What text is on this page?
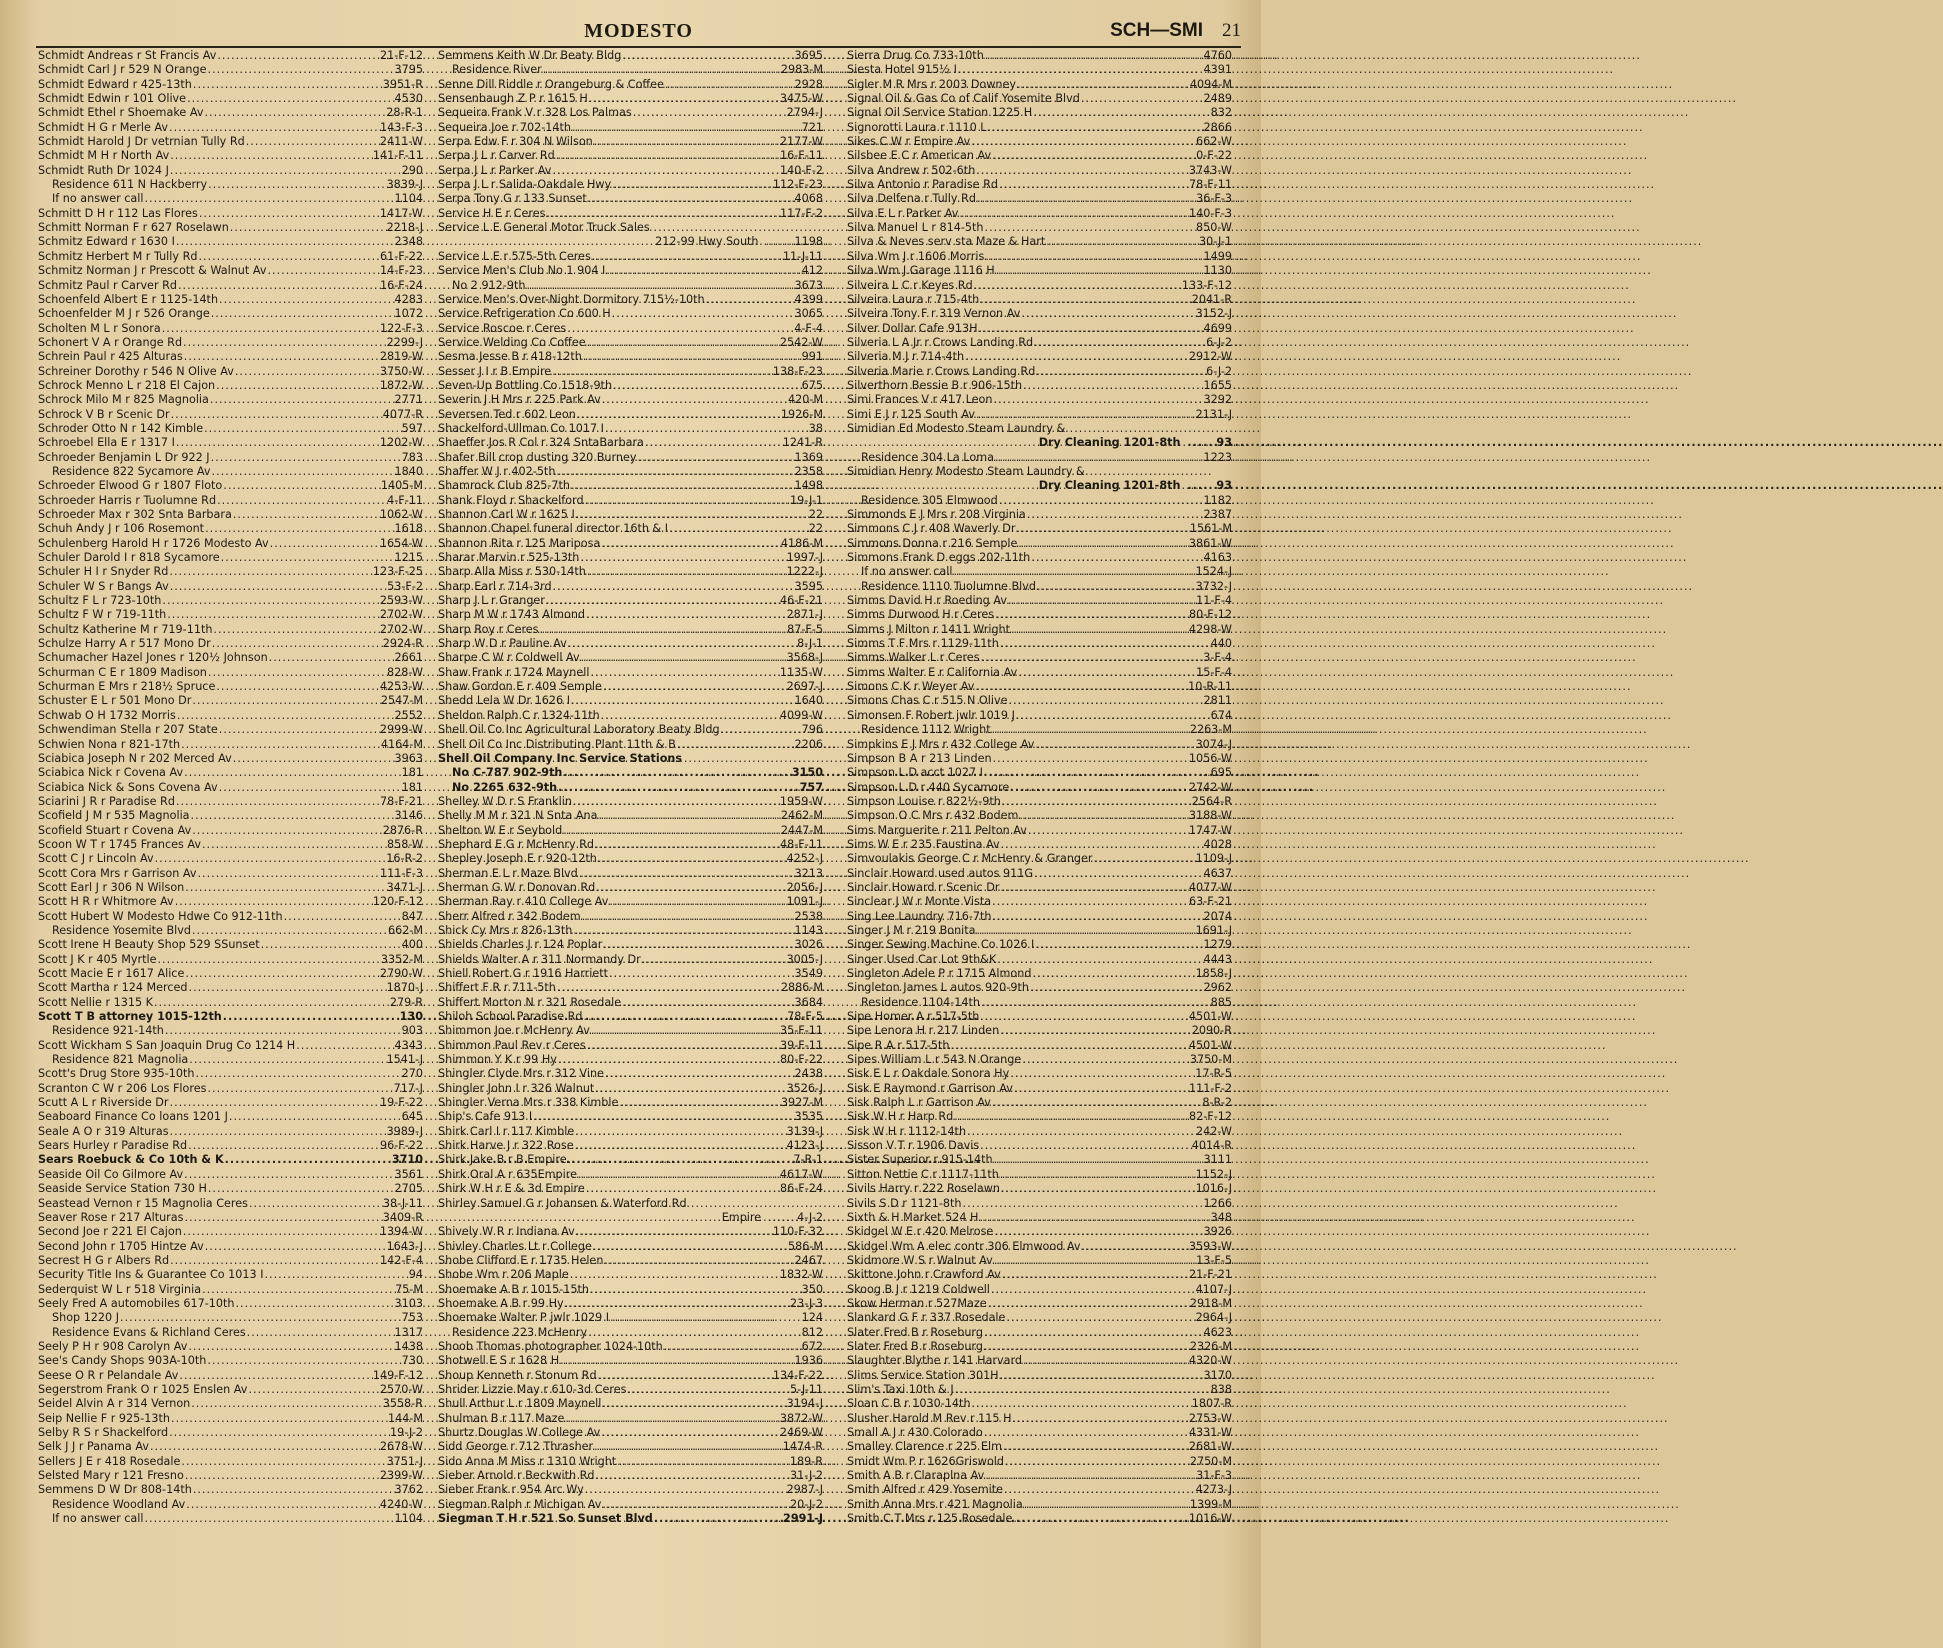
MODESTO	SCH—SMI 21
Schmidt Andreas r St Francis Av .....	21-F-12
Schmidt Carl J r 529 N Orange .....	3795
Schmidt Edward r 425-13th .....	3951-R
Schmidt Edwin r 101 Olive .....	4530
Schmidt Ethel r Shoemake Av .....	28-R-1
Schmidt H G r Merle Av .....	143-F-3
Schmidt Harold J Dr vetrnian Tully Rd .....	2411-W
Schmidt M H r North Av .....	141-F-11
Schmidt Ruth Dr 1024 J .....	290
Residence 611 N Hackberry .....	3839-J
If no answer call .....	1104
Schmitt D H r 112 Las Flores .....	1417-W
Schmitt Norman F r 627 Roselawn .....	2218-J
Schmitz Edward r 1630 I .....	2348
Schmitz Herbert M r Tully Rd .....	61-F-22
Schmitz Norman J r Prescott & Walnut Av .....	14-F-23
Schmitz Paul r Carver Rd .....	16-F-24
Schoenfeld Albert E r 1125-14th .....	4283
Schoenfelder M J r 526 Orange .....	1072
Scholten M L r Sonora .....	122-F-3
Schonert V A r Orange Rd .....	2299-J
Schrein Paul r 425 Alturas .....	2819-W
Schreiner Dorothy r 546 N Olive Av .....	3750-W
Schrock Menno L r 218 El Cajon .....	1872-W
Schrock Milo M r 825 Magnolia .....	2771
Schrock V B r Scenic Dr .....	4077-R
Schroder Otto N r 142 Kimble .....	597
Schroebel Ella E r 1317 I .....	1202-W
Schroeder Benjamin L Dr 922 J .....	783
Residence 822 Sycamore Av .....	1840
Schroeder Elwood G r 1807 Floto .....	1405-M
Schroeder Harris r Tuolumne Rd .....	4-F-11
Schroeder Max r 302 Snta Barbara .....	1062-W
Schuh Andy J r 106 Rosemont .....	1618
Schulenberg Harold H r 1726 Modesto Av .....	1654-W
Schuler Darold I r 818 Sycamore .....	1215
Schuler H I r Snyder Rd .....	123-F-25
Schuler W S r Bangs Av .....	53-F-2
Schultz F L r 723-10th .....	2593-W
Schultz F W r 719-11th .....	2702-W
Schultz Katherine M r 719-11th .....	2702-W
Schulze Harry A r 517 Mono Dr .....	2924-R
Schumacher Hazel Jones r 120½ Johnson .....	2661
Schurman C E r 1809 Madison .....	828-W
Schurman E Mrs r 218½ Spruce .....	4253-W
Schuster E L r 501 Mono Dr .....	2547-M
Schwab O H 1732 Morris .....	2552
Schwendiman Stella r 207 State .....	2999-W
Schwien Nona r 821-17th .....	4164-M
Sciabica Joseph N r 202 Merced Av .....	3963
Sciabica Nick r Covena Av .....	181
Sciabica Nick & Sons Covena Av .....	181
Sciarini J R r Paradise Rd .....	78-F-21
Scofield J M r 535 Magnolia .....	3146
Scofield Stuart r Covena Av .....	2876-R
Scoon W T r 1745 Frances Av .....	858-W
Scott C J r Lincoln Av .....	16-R-2
Scott Cora Mrs r Garrison Av .....	111-F-3
Scott Earl J r 306 N Wilson .....	3471-J
Scott H R r Whitmore Av .....	120-F-12
Scott Hubert W Modesto Hdwe Co 912-11th .....	847
Residence Yosemite Blvd .....	662-M
Scott Irene H Beauty Shop 529 SSunset .....	400
Scott J K r 405 Myrtle .....	3352-M
Scott Macie E r 1617 Alice .....	2790-W
Scott Martha r 124 Merced .....	1870-J
Scott Nellie r 1315 K .....	279-R
Scott T B attorney 1015-12th .....	130
Residence 921-14th .....	903
Scott Wickham S San Joaquin Drug Co 1214 H .....	4343
Residence 821 Magnolia .....	1541-J
Scott's Drug Store 935-10th .....	270
Scranton C W r 206 Los Flores .....	717-J
Scutt A L r Riverside Dr .....	19-F-22
Seaboard Finance Co loans 1201 J .....	645
Seale A O r 319 Alturas .....	3989-J
Sears Hurley r Paradise Rd .....	96-F-22
Sears Roebuck & Co 10th & K .....	3710
Seaside Oil Co Gilmore Av .....	3561
Seaside Service Station 730 H .....	2705
Seastead Vernon r 15 Magnolia Ceres .....	38-J-11
Seaver Rose r 217 Alturas .....	3409-R
Second Joe r 221 El Cajon .....	1394-W
Second John r 1705 Hintze Av .....	1643-J
Secrest H G r Albers Rd .....	142-F-4
Security Title Ins & Guarantee Co 1013 I .....	94
Sederquist W L r 518 Virginia .....	75-M
Seely Fred A automobiles 617-10th .....	3103
Shop 1220 J .....	753
Residence Evans & Richland Ceres .....	1317
Seely P H r 908 Carolyn Av .....	1438
See's Candy Shops 903A-10th .....	730
Seese O R r Pelandale Av .....	149-F-12
Segerstrom Frank O r 1025 Enslen Av .....	2570-W
Seidel Alvin A r 314 Vernon .....	3558-R
Seip Nellie F r 925-13th .....	144-M
Selby R S r Shackelford .....	19-J-2
Selk J J r Panama Av .....	2678-W
Sellers J E r 418 Rosedale .....	3751-J
Selsted Mary r 121 Fresno .....	2399-W
Semmens D W Dr 808-14th .....	3762
Residence Woodland Av .....	4240-W
If no answer call .....	1104
Semmens Keith W Dr Beaty Bldg .....	3695
Residence River .....	2983-M
Senne Dill Riddle r Orangeburg & Coffee .....	2928
Sensenbaugh Z P r 1615 H .....	3475-W
Sequeira Frank V r 328 Los Palmas .....	2794-J
Sequeira Joe r 702-14th .....	721
Serpa Edw F r 304 N Wilson .....	2177-W
Serpa J L r Carver Rd .....	16-F-11
Serpa J L r Parker Av .....	140-F-2
Serpa J L r Salida-Oakdale Hwy .....	112-F-23
Serpa Tony G r 133 Sunset .....	4068
Service H E r Ceres .....	117-F-2
Service L E General Motor Truck Sales
212-99 Hwy South .....	1198
Service L E r 575-5th Ceres .....	11-J-11
Service Men's Club No 1 904 I .....	412
No 2 912-9th .....	3673
Service Men's Over-Night Dormitory 715½-10th .....	4399
Service Refrigeration Co 600 H .....	3065
Service Roscoe r Ceres .....	4-F-4
Service Welding Co Coffee .....	2542-W
Sesma Jesse B r 418-12th .....	991
Sesser J I r B Empire .....	138-F-23
Seven-Up Bottling Co 1518-9th .....	675
Severin J H Mrs r 225 Park Av .....	420-M
Seversen Ted r 602 Leon .....	1926-M
Shackelford-Ullman Co 1017 I .....	38
Shaeffer Jos R Col r 324 SntaBarbara .....	1241-R
Shafer Bill crop dusting 320 Burney .....	1369
Shaffer W J r 402-5th .....	2358
Shamrock Club 825-7th .....	1498
Shank Floyd r Shackelford .....	19-J-1
Shannon Carl W r 1625 I .....	22
Shannon Chapel funeral director 16th & I .....	22
Shannon Rita r 125 Mariposa .....	4186-M
Sharar Marvin r 525-13th .....	1997-J
Sharp Alla Miss r 530-14th .....	1222-J
Sharp Earl r 714-3rd .....	3595
Sharp J L r Granger .....	46-F-21
Sharp M W r 1743 Almond .....	2871-J
Sharp Roy r Ceres .....	87-F-5
Sharp W D r Pauline Av .....	8-J-1
Sharpe C W r Coldwell Av .....	3568-J
Shaw Frank r 1724 Maynell .....	1135-W
Shaw Gordon E r 409 Semple .....	2697-J
Shedd Lela W Dr 1626 I .....	1640
Sheldon Ralph C r 1324-11th .....	4099-W
Shell Oil Co Inc Agricultural Laboratory Beaty Bldg .....	796
Shell Oil Co Inc Distributing Plant 11th & B .....	2206
Shell Oil Company Inc Service Stations
No C-787 902-9th .....	3150
No 2265 632-9th .....	757
Shelley W D r S Franklin .....	1959-W
Shelly M M r 321 N Snta Ana .....	2462-M
Shelton W E r Seybold .....	2447-M
Shephard E G r McHenry Rd .....	48-F-11
Shepley Joseph E r 920-12th .....	4252-J
Sherman E L r Maze Blvd .....	3213
Sherman G W r Donovan Rd .....	2056-J
Sherman Ray r 410 College Av .....	1091-J
Sherr Alfred r 342 Bodem .....	2538
Shick Cy Mrs r 826-13th .....	1143
Shields Charles J r 124 Poplar .....	3026
Shields Walter A r 311 Normandy Dr .....	3005-J
Shiell Robert G r 1916 Harriett .....	3549
Shiffert F R r 711-5th .....	2886-M
Shiffert Morton N r 321 Rosedale .....	3684
Shiloh School Paradise Rd .....	78-F-5
Shimmon Joe r McHenry Av .....	35-F-11
Shimmon Paul Rev r Ceres .....	39-F-11
Shimmon Y K r 99 Hy .....	80-F-22
Shingler Clyde Mrs r 312 Vine .....	2438
Shingler John I r 326 Walnut .....	3526-J
Shingler Verna Mrs r 338 Kimble .....	3927-M
Ship's Cafe 913 I .....	3535
Shirk Carl I r 117 Kimble .....	3139-J
Shirk Harve J r 322 Rose .....	4123-J
Shirk Jake B r B Empire .....	7-R-1
Shirk Oral A r 635Empire .....	4617-W
Shirk W H r E & 3d Empire .....	86-F-24
Shirley Samuel G r Johansen & Waterford Rd
Empire .....	4-J-2
Shively W R r Indiana Av .....	110-F-32
Shivley Charles Lt r College .....	586-M
Shobe Clifford E r 1735 Helen .....	2467
Shobe Wm r 206 Maple .....	1832-W
Shoemake A B r 1015-15th .....	350
Shoemake A B r 99 Hy .....	23-J-3
Shoemake Walter P jwlr 1029 I .....	124
Residence 223 McHenry .....	812
Shoob Thomas photographer 1024-10th .....	672
Shotwell E S r 1628 H .....	1936
Shoup Kenneth r Stonum Rd .....	134-F-22
Shrider Lizzie May r 610-3d Ceres .....	5-J-11
Shull Arthur L r 1809 Maynell .....	3194-J
Shulman B r 117 Maze .....	3872-W
Shurtz Douglas W College Av .....	2469-W
Sidd George r 712 Thrasher .....	1474-R
Sido Anna M Miss r 1310 Wright .....	189-R
Sieber Arnold r Beckwith Rd .....	31-J-2
Sieber Frank r 954 Arc Wy .....	2987-J
Siegman Ralph r Michigan Av .....	20-J-2
Siegman T H r 521 So Sunset Blvd .....	2991-J
Sierra Drug Co 733-10th .....	4760
Siesta Hotel 915½ I .....	4391
Sigler M R Mrs r 2003 Downey .....	4094-M
Signal Oil & Gas Co of Calif Yosemite Blvd .....	2489
Signal Oil Service Station 1225 H .....	832
Signorotti Laura r 1110 L .....	2866
Sikes C W r Empire Av .....	662-W
Silsbee E C r American Av .....	0-F-22
Silva Andrew r 502-6th .....	3743-W
Silva Antonio r Paradise Rd .....	78-F-11
Silva Delfena r Tully Rd .....	36-F-3
Silva E L r Parker Av .....	140-F-3
Silva Manuel L r 814-5th .....	850-W
Silva & Neves serv sta Maze & Hart .....	30-J-1
Silva Wm J r 1606 Morris .....	1499
Silva Wm J Garage 1116 H .....	1130
Silveira L C r Keyes Rd .....	133-F-12
Silveira Laura r 715-4th .....	2041-R
Silveira Tony F r 319 Vernon Av .....	3152-J
Silver Dollar Cafe 913H .....	4699
Silveria L A Jr r Crows Landing Rd .....	6-J-2
Silveria M J r 714-4th .....	2912-W
Silveria Marie r Crows Landing Rd .....	6-J-2
Silverthorn Bessie B r 906-15th .....	1655
Simi Frances V r 417 Leon .....	3292
Simi E J r 125 South Av .....	2131-J
Simidian Ed Modesto Steam Laundry &
Dry Cleaning 1201-8th .....	93
Residence 304 La Loma .....	1223
Simidian Henry Modesto Steam Laundry &
Dry Cleaning 1201-8th .....	93
Residence 305 Elmwood .....	1182
Simmonds E J Mrs r 208 Virginia .....	2387
Simmons C J r 408 Waverly Dr .....	1561-M
Simmons Donna r 216 Semple .....	3861-W
Simmons Frank D eggs 202-11th .....	4163
If no answer call .....	1524-J
Residence 1110 Tuolumne Blvd .....	3732-J
Simms David H r Roeding Av .....	11-F-4
Simms Durwood H r Ceres .....	80-F-12
Simms J Milton r 1411 Wright .....	4298-W
Simms T F Mrs r 1129-11th .....	440
Simms Walker L r Ceres .....	3-F-4
Simms Walter E r California Av .....	15-F-4
Simons C K r Weyer Av .....	10-R-11
Simons Chas C r 515 N Olive .....	2811
Simonsen F Robert jwlr 1019 J .....	674
Residence 1112 Wright .....	2263-M
Simpkins E J Mrs r 432 College Av .....	3074-J
Simpson B A r 213 Linden .....	1056-W
Simpson L D acct 1027 I .....	695
Simpson L D r 440 Sycamore .....	2742-W
Simpson Louise r 822½-9th .....	2564-R
Simpson O C Mrs r 432 Bodem .....	3188-W
Sims Marguerite r 211 Pelton Av .....	1747-W
Sims W E r 235 Faustina Av .....	4028
Simvoulakis George C r McHenry & Granger .....	1109-J
Sinclair Howard used autos 911G .....	4637
Sinclair Howard r Scenic Dr .....	4077-W
Sinclear J W r Monte Vista .....	63-F-21
Sing Lee Laundry 716-7th .....	2074
Singer J M r 219 Bonita .....	1691-J
Singer Sewing Machine Co 1026 I .....	1279
Singer Used Car Lot 9th&K .....	4443
Singleton Adele P r 1715 Almond .....	1858-J
Singleton James L autos 920-9th .....	2962
Residence 1104-14th .....	885
Sipe Homer A r 517-5th .....	4501-W
Sipe Lenora H r 217 Linden .....	2090-R
Sipe R A r 517-5th .....	4501-W
Sipes William L r 543 N Orange .....	3750-M
Sisk E L r Oakdale Sonora Hy .....	17-R-5
Sisk E Raymond r Garrison Av .....	111-F-2
Sisk Ralph L r Garrison Av .....	8-R-2
Sisk W H r Harp Rd .....	82-F-12
Sisk W H r 1112-14th .....	242-W
Sisson V T r 1906 Davis .....	4014-R
Sister Superior r 915-14th .....	3111
Sitton Nettie C r 1117-11th .....	1152-J
Sivils Harry r 222 Roselawn .....	1016-J
Sivils S D r 1121-8th .....	1266
Sixth & H Market 524 H .....	348
Skidgel W E r 420 Melrose .....	3926
Skidgel Wm A elec contr 306 Elmwood Av .....	3593-W
Skidmore W S r Walnut Av .....	13-F-5
Skittone John r Crawford Av .....	21-F-21
Skoog B J r 1219 Coldwell .....	4107-J
Skow Herman r 527Maze .....	2918-M
Slankard G F r 337 Rosedale .....	2964-J
Slater Fred B r Roseburg .....	4623
Slater Fred B r Roseburg .....	2326-M
Slaughter Blythe r 141 Harvard .....	4320-W
Slims Service Station 301H .....	3170
Slim's Taxi 10th & J .....	838
Sloan C B r 1030-14th .....	1807-R
Slusher Harold M Rev r 115 H .....	2753-W
Small A J r 430 Colorado .....	4331-W
Smalley Clarence r 225 Elm .....	2681-W
Smidt Wm P r 1626Griswold .....	2750-M
Smith A B r Claraplna Av .....	31-F-3
Smith Alfred r 429 Yosemite .....	4273-J
Smith Anna Mrs r 421 Magnolia .....	1399-M
Smith C T Mrs r 125 Rosedale .....	1016-W
